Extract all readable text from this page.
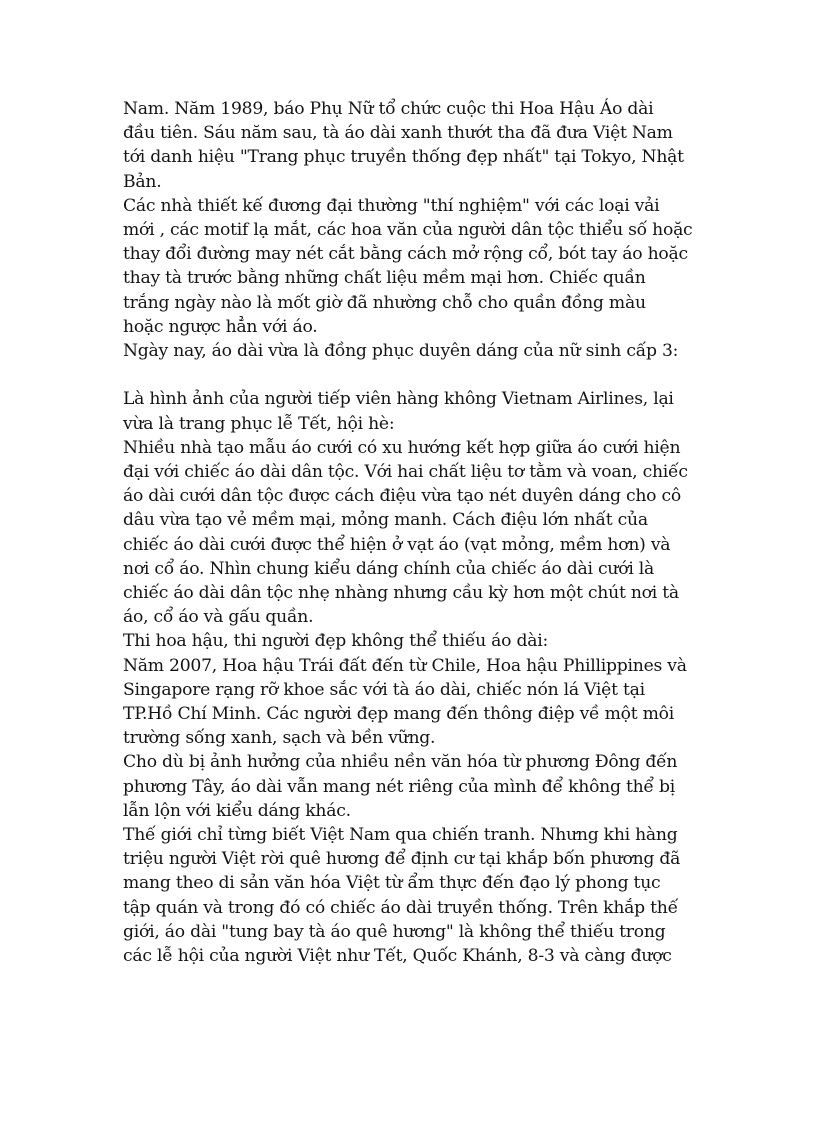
Nam. Năm 1989, báo Phụ Nữ tổ chức cuộc thi Hoa Hậu Áo dài
đầu tiên. Sáu năm sau, tà áo dài xanh thướt tha đã đưa Việt Nam
tới danh hiệu "Trang phục truyền thống đẹp nhất" tại Tokyo, Nhật
Bản.

Các nhà thiết kế đương đại thường "thí nghiệm" với các loại vải
mới , các motif lạ mắt, các hoa văn của người dân tộc thiểu số hoặc
thay đổi đường may nét cắt bằng cách mở rộng cổ, bót tay áo hoặc
thay tà trước bằng những chất liệu mềm mại hơn. Chiếc quần
trắng ngày nào là mốt giờ đã nhường chỗ cho quần đồng màu
hoặc ngược hẳn với áo.

Ngày nay, áo dài vừa là đồng phục duyên dáng của nữ sinh cấp 3:

Là hình ảnh của người tiếp viên hàng không Vietnam Airlines, lại
vừa là trang phục lễ Tết, hội hè:

Nhiều nhà tạo mẫu áo cưới có xu hướng kết hợp giữa áo cưới hiện
đại với chiếc áo dài dân tộc. Với hai chất liệu tơ tằm và voan, chiếc
áo dài cưới dân tộc được cách điệu vừa tạo nét duyên dáng cho cô
dâu vừa tạo vẻ mềm mại, mỏng manh. Cách điệu lớn nhất của
chiếc áo dài cưới được thể hiện ở vạt áo (vạt mỏng, mềm hơn) và
nơi cổ áo. Nhìn chung kiểu dáng chính của chiếc áo dài cưới là
chiếc áo dài dân tộc nhẹ nhàng nhưng cầu kỳ hơn một chút nơi tà
áo, cổ áo và gấu quần.

Thi hoa hậu, thi người đẹp không thể thiếu áo dài:

Năm 2007, Hoa hậu Trái đất đến từ Chile, Hoa hậu Phillippines và
Singapore rạng rỡ khoe sắc với tà áo dài, chiếc nón lá Việt tại
TP.Hồ Chí Minh. Các người đẹp mang đến thông điệp về một môi
trường sống xanh, sạch và bền vững.

Cho dù bị ảnh hưởng của nhiều nền văn hóa từ phương Đông đến
phương Tây, áo dài vẫn mang nét riêng của mình để không thể bị
lẫn lộn với kiểu dáng khác.

Thế giới chỉ từng biết Việt Nam qua chiến tranh. Nhưng khi hàng
triệu người Việt rời quê hương để định cư tại khắp bốn phương đã
mang theo di sản văn hóa Việt từ ẩm thực đến đạo lý phong tục
tập quán và trong đó có chiếc áo dài truyền thống. Trên khắp thế
giới, áo dài "tung bay tà áo quê hương" là không thể thiếu trong
các lễ hội của người Việt như Tết, Quốc Khánh, 8-3 và càng được
